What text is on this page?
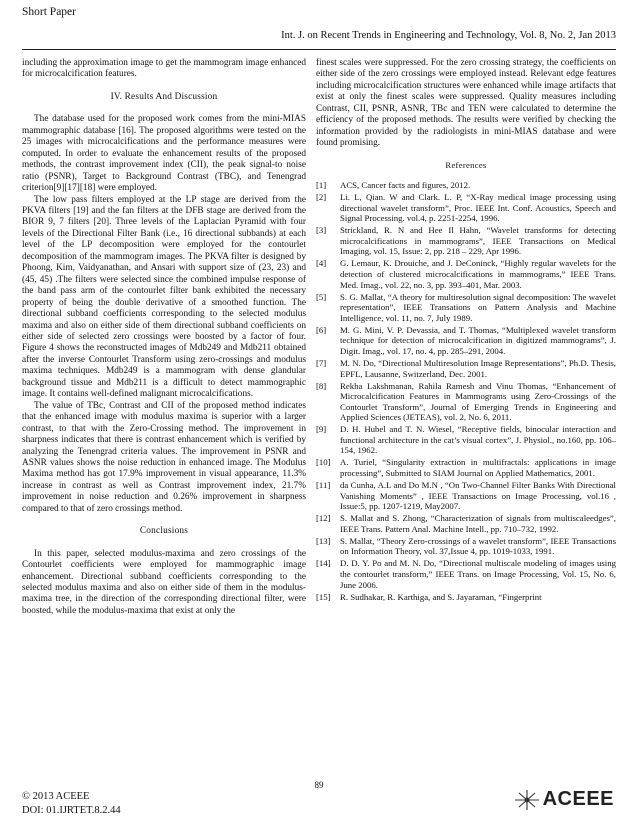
Short Paper
Int. J. on Recent Trends in Engineering and Technology, Vol. 8, No. 2, Jan 2013

including the approximation image to get the mammogram image enhanced for microcalcification features.

IV. Results And Discussion

The database used for the proposed work comes from the mini-MIAS mammographic database [16]. The proposed algorithms were tested on the 25 images with microcalcifications and the performance measures were computed. In order to evaluate the enhancement results of the proposed methods, the contrast improvement index (CII), the peak signal-to noise ratio (PSNR), Target to Background Contrast (TBC), and Tenengrad criterion[9][17][18] were employed.

The low pass filters employed at the LP stage are derived from the PKVA filters [19] and the fan filters at the DFB stage are derived from the BIOR 9, 7 filters [20]. Three levels of the Laplacian Pyramid with four levels of the Directional Filter Bank (i.e., 16 directional subbands) at each level of the LP decomposition were employed for the contourlet decomposition of the mammogram images. The PKVA filter is designed by Phoong, Kim, Vaidyanathan, and Ansari with support size of (23, 23) and (45, 45) .The filters were selected since the combined impulse response of the band pass arm of the contourlet filter bank exhibited the necessary property of being the double derivative of a smoothed function. The directional subband coefficients corresponding to the selected modulus maxima and also on either side of them directional subband coefficients on either side of selected zero crossings were boosted by a factor of four. Figure 4 shows the reconstructed images of Mdb249 and Mdb211 obtained after the inverse Contourlet Transform using zero-crossings and modulus maxima techniques. Mdb249 is a mammogram with dense glandular background tissue and Mdb211 is a difficult to detect mammographic image. It contains well-defined malignant microcalcifications.

The value of TBc, Contrast and CII of the proposed method indicates that the enhanced image with modulus maxima is superior with a larger contrast, to that with the Zero-Crossing method. The improvement in sharpness indicates that there is contrast enhancement which is verified by analyzing the Tenengrad criteria values. The improvement in PSNR and ASNR values shows the noise reduction in enhanced image. The Modulus Maxima method has got 17.9% improvement in visual appearance, 11.3% increase in contrast as well as Contrast improvement index, 21.7% improvement in noise reduction and 0.26% improvement in sharpness compared to that of zero crossings method.

Conclusions

In this paper, selected modulus-maxima and zero crossings of the Contourlet coefficients were employed for mammographic image enhancement. Directional subband coefficients corresponding to the selected modulus maxima and also on either side of them in the modulus-maxima tree, in the direction of the corresponding directional filter, were boosted, while the modulus-maxima that exist at only the

finest scales were suppressed. For the zero crossing strategy, the coefficients on either side of the zero crossings were employed instead. Relevant edge features including microcalcification structures were enhanced while image artifacts that exist at only the finest scales were suppressed. Quality measures including Contrast, CII, PSNR, ASNR, TBc and TEN were calculated to determine the efficiency of the proposed methods. The results were verified by checking the information provided by the radiologists in mini-MIAS database and were found promising.

References
[1]	ACS, Cancer facts and figures, 2012.
[2]	Li. L, Qian. W and Clark. L. P, “X-Ray medical image processing using directional wavelet transform”, Proc. IEEE Int. Conf. Acoustics, Speech and Signal Processing. vol.4, p. 2251-2254, 1996.
[3]	Strickland, R. N and Hee Il Hahn, “Wavelet transforms for detecting microcalcifications in mammograms”, IEEE Transactions on Medical Imaging, vol. 15, Issue: 2, pp. 218 – 229, Apr 1996.
[4]	G. Lemaur, K. Drouiche, and J. DeConinck, “Highly regular wavelets for the detection of clustered microcalcifications in mammograms,” IEEE Trans. Med. Imag., vol. 22, no. 3, pp. 393–401, Mar. 2003.
[5]	S. G. Mallat, “A theory for multiresolution signal decomposition: The wavelet representation”, IEEE Transations on Pattern Analysis and Machine Intelligence, vol. 11, no. 7, July 1989.
[6]	M. G. Mini, V. P. Devassia, and T. Thomas, “Multiplexed wavelet transform technique for detection of microcalcification in digitized mammograms”, J. Digit. Imag., vol. 17, no. 4, pp. 285–291, 2004.
[7]	M. N. Do, “Directional Multiresolution Image Representations”, Ph.D. Thesis, EPFL, Lausanne, Switzerland, Dec. 2001.
[8]	Rekha Lakshmanan, Rahila Ramesh and Vinu Thomas, “Enhancement of Microcalcification Features in Mammograms using Zero-Crossings of the Contourlet Transform”, Journal of Emerging Trends in Engineering and Applied Sciences (JETEAS), vol. 2, No. 6, 2011.
[9]	D. H. Hubel and T. N. Wiesel, “Receptive fields, binocular interaction and functional architecture in the cat’s visual cortex”, J. Physiol., no.160, pp. 106–154, 1962.
[10]	A. Turiel, “Singularity extraction in multifractals: applications in image processing”, Submitted to SIAM Journal on Applied Mathematics, 2001.
[11]	da Cunha, A.L and Do M.N , “On Two-Channel Filter Banks With Directional Vanishing Moments” , IEEE Transactions on Image Processing, vol.16 , Issue:5, pp. 1207-1219, May2007.
[12]	S. Mallat and S. Zhong, “Characterization of signals from multiscaleedges”, IEEE Trans. Pattern Anal. Machine Intell., pp. 710–732, 1992.
[13]	S. Mallat, “Theory Zero-crossings of a wavelet transform”, IEEE Transactions on Information Theory, vol. 37,Issue 4, pp. 1019-1033, 1991.
[14]	D. D. Y. Po and M. N. Do, “Directional multiscale modeling of images using the contourlet transform,” IEEE Trans. on Image Processing, Vol. 15, No. 6, June 2006.
[15]	R. Sudhakar, R. Karthiga, and S. Jayaraman, “Fingerprint
89
© 2013 ACEEE
DOI: 01.IJRTET.8.2.44
ACEEE
